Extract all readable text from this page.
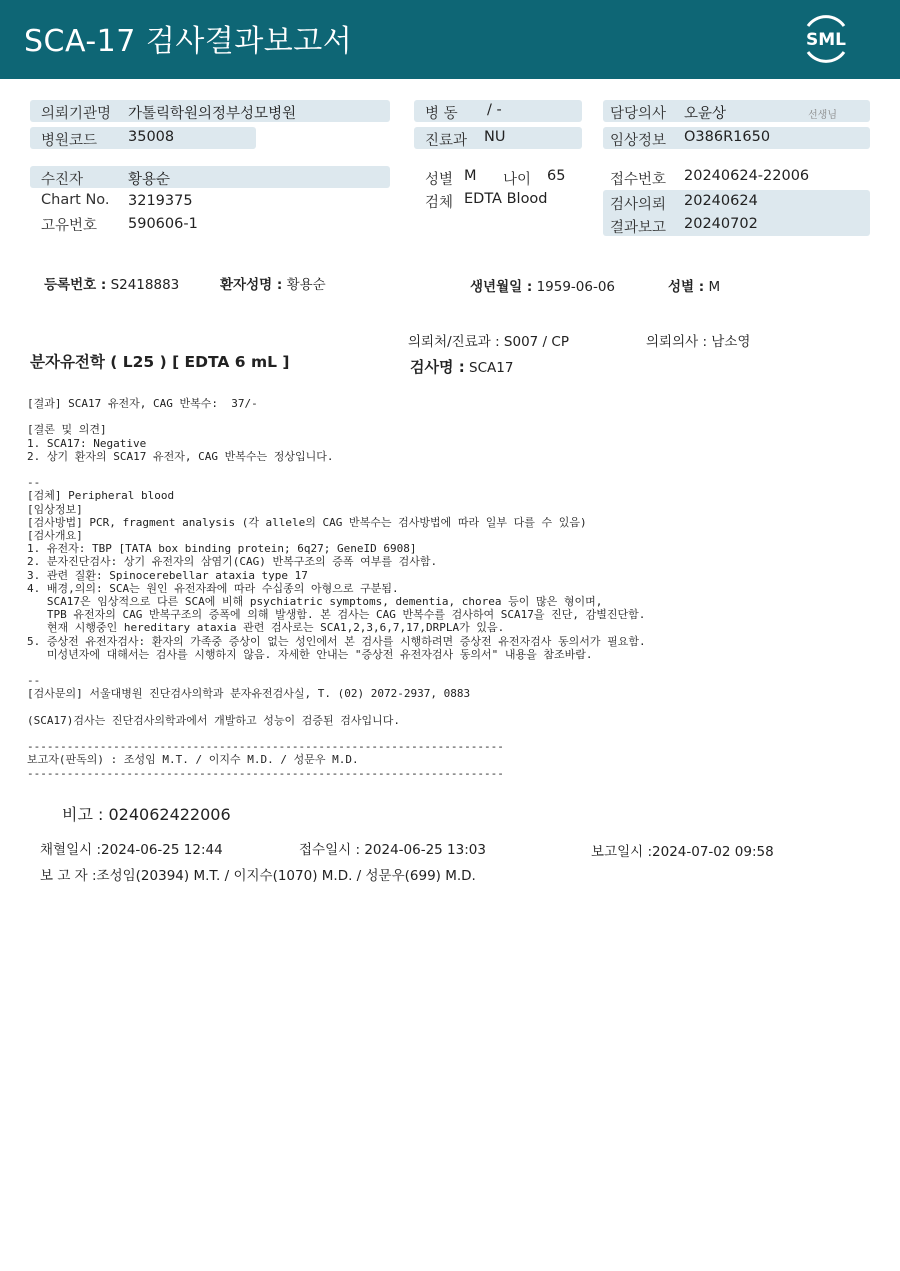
SCA-17 검사결과보고서	SML
의뢰기관명 가톨릭학원의정부성모병원
병원코드 35008
병 동 / -
진료과 NU
담당의사 오윤상	선생님
임상정보 O386R1650
수진자	황용순
Chart No. 3219375
고유번호 590606-1
성별 M 나이 65
검체 EDTA Blood
접수번호 20240624-22006
검사의뢰 20240624
결과보고 20240702
등록번호 : S2418883	환자성명 : 황용순	생년월일 : 1959-06-06	성별 : M
의뢰처/진료과 : S007 / CP	의뢰의사 : 남소영
분자유전학 ( L25 ) [ EDTA 6 mL ]	검사명 : SCA17
[결과] SCA17 유전자, CAG 반복수:  37/-

[결론 및 의견]
1. SCA17: Negative
2. 상기 환자의 SCA17 유전자, CAG 반복수는 정상입니다.

--
[검체] Peripheral blood
[임상정보]
[검사방법] PCR, fragment analysis (각 allele의 CAG 반복수는 검사방법에 따라 일부 다를 수 있음)
[검사개요]
1. 유전자: TBP [TATA box binding protein; 6q27; GeneID 6908]
2. 분자진단검사: 상기 유전자의 삼염기(CAG) 반복구조의 증폭 여부를 검사함.
3. 관련 질환: Spinocerebellar ataxia type 17
4. 배경,의의: SCA는 원인 유전자좌에 따라 수십종의 아형으로 구분됨.
SCA17은 임상적으로 다른 SCA에 비해 psychiatric symptoms, dementia, chorea 등이 많은 형이며,
TPB 유전자의 CAG 반복구조의 증폭에 의해 발생함. 본 검사는 CAG 반복수를 검사하여 SCA17을 진단, 감별진단함.
현재 시행중인 hereditary ataxia 관련 검사로는 SCA1,2,3,6,7,17,DRPLA가 있음.
5. 증상전 유전자검사: 환자의 가족중 증상이 없는 성인에서 본 검사를 시행하려면 증상전 유전자검사 동의서가 필요함.
미성년자에 대해서는 검사를 시행하지 않음. 자세한 안내는 "증상전 유전자검사 동의서" 내용을 참조바람.

--
[검사문의] 서울대병원 진단검사의학과 분자유전검사실, T. (02) 2072-2937, 0883

(SCA17)검사는 진단검사의학과에서 개발하고 성능이 검증된 검사입니다.

------------------------------------------------------------------------
보고자(판독의) : 조성임 M.T. / 이지수 M.D. / 성문우 M.D.
------------------------------------------------------------------------
비고 : 024062422006
채혈일시 :2024-06-25 12:44	접수일시 : 2024-06-25 13:03	보고일시 :2024-07-02 09:58
보 고 자 :조성임(20394) M.T. / 이지수(1070) M.D. / 성문우(699) M.D.
